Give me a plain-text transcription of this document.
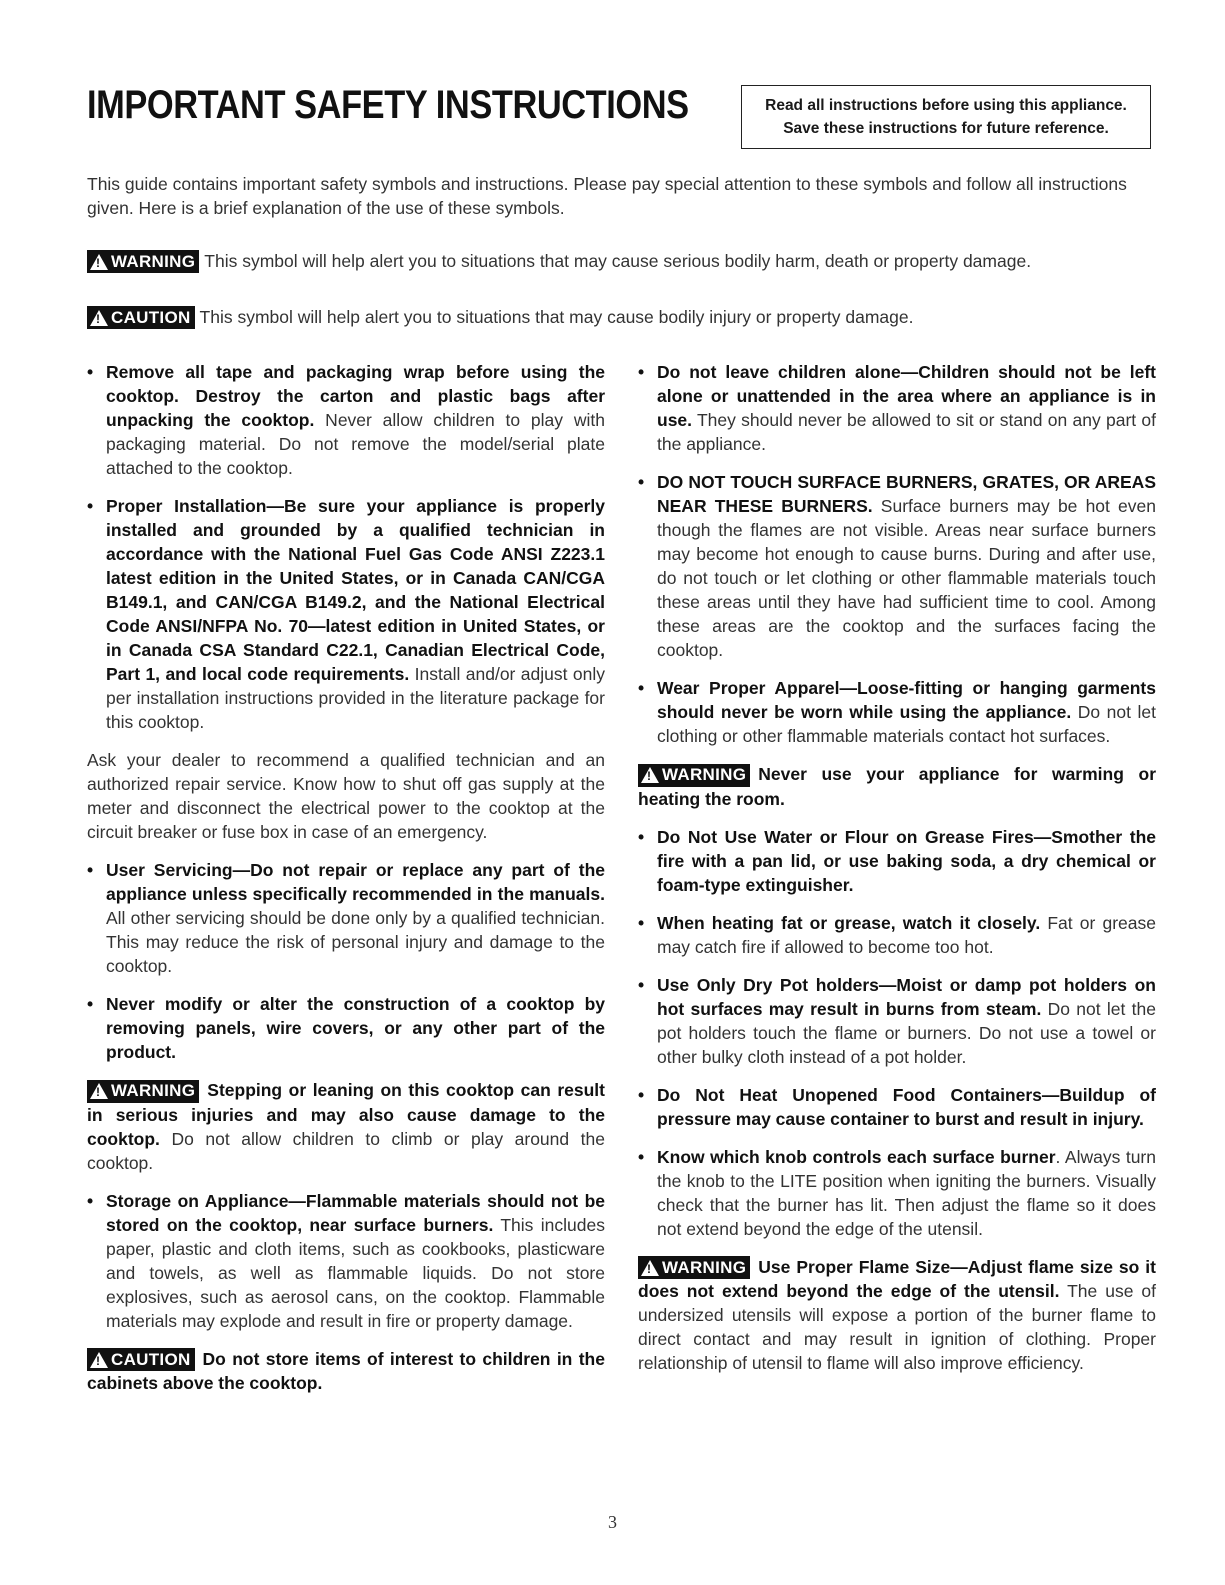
IMPORTANT SAFETY INSTRUCTIONS	Read all instructions before using this appliance.
Save these instructions for future reference.
This guide contains important safety symbols and instructions. Please pay special attention to these symbols and follow all instructions given. Here is a brief explanation of the use of these symbols.
!
WARNING This symbol will help alert you to situations that may cause serious bodily harm, death or property damage.
!
CAUTION This symbol will help alert you to situations that may cause bodily injury or property damage.
• Remove all tape and packaging wrap before using the cooktop. Destroy the carton and plastic bags after unpacking the cooktop. Never allow children to play with packaging material. Do not remove the model/serial plate attached to the cooktop.
• Proper Installation—Be sure your appliance is properly installed and grounded by a qualified technician in accordance with the National Fuel Gas Code ANSI Z223.1 latest edition in the United States, or in Canada CAN/CGA B149.1, and CAN/CGA B149.2, and the National Electrical Code ANSI/NFPA No. 70—latest edition in United States, or in Canada CSA Standard C22.1, Canadian Electrical Code, Part 1, and local code requirements. Install and/or adjust only per installation instructions provided in the literature package for this cooktop.
Ask your dealer to recommend a qualified technician and an authorized repair service. Know how to shut off gas supply at the meter and disconnect the electrical power to the cooktop at the circuit breaker or fuse box in case of an emergency.
• User Servicing—Do not repair or replace any part of the appliance unless specifically recommended in the manuals. All other servicing should be done only by a qualified technician. This may reduce the risk of personal injury and damage to the cooktop.
• Never modify or alter the construction of a cooktop by removing panels, wire covers, or any other part of the product.
!
WARNING Stepping or leaning on this cooktop can result in serious injuries and may also cause damage to the cooktop. Do not allow children to climb or play around the cooktop.
• Storage on Appliance—Flammable materials should not be stored on the cooktop, near surface burners. This includes paper, plastic and cloth items, such as cookbooks, plasticware and towels, as well as flammable liquids. Do not store explosives, such as aerosol cans, on the cooktop. Flammable materials may explode and result in fire or property damage.
!
CAUTION Do not store items of interest to children in the cabinets above the cooktop.
• Do not leave children alone—Children should not be left alone or unattended in the area where an appliance is in use. They should never be allowed to sit or stand on any part of the appliance.
• DO NOT TOUCH SURFACE BURNERS, GRATES, OR AREAS NEAR THESE BURNERS. Surface burners may be hot even though the flames are not visible. Areas near surface burners may become hot enough to cause burns. During and after use, do not touch or let clothing or other flammable materials touch these areas until they have had sufficient time to cool. Among these areas are the cooktop and the surfaces facing the cooktop.
• Wear Proper Apparel—Loose-fitting or hanging garments should never be worn while using the appliance. Do not let clothing or other flammable materials contact hot surfaces.
!
WARNING Never use your appliance for warming or heating the room.
• Do Not Use Water or Flour on Grease Fires—Smother the fire with a pan lid, or use baking soda, a dry chemical or foam-type extinguisher.
• When heating fat or grease, watch it closely. Fat or grease may catch fire if allowed to become too hot.
• Use Only Dry Pot holders—Moist or damp pot holders on hot surfaces may result in burns from steam. Do not let the pot holders touch the flame or burners. Do not use a towel or other bulky cloth instead of a pot holder.
• Do Not Heat Unopened Food Containers—Buildup of pressure may cause container to burst and result in injury.
• Know which knob controls each surface burner. Always turn the knob to the LITE position when igniting the burners. Visually check that the burner has lit. Then adjust the flame so it does not extend beyond the edge of the utensil.
!
WARNING Use Proper Flame Size—Adjust flame size so it does not extend beyond the edge of the utensil. The use of undersized utensils will expose a portion of the burner flame to direct contact and may result in ignition of clothing. Proper relationship of utensil to flame will also improve efficiency.
3
